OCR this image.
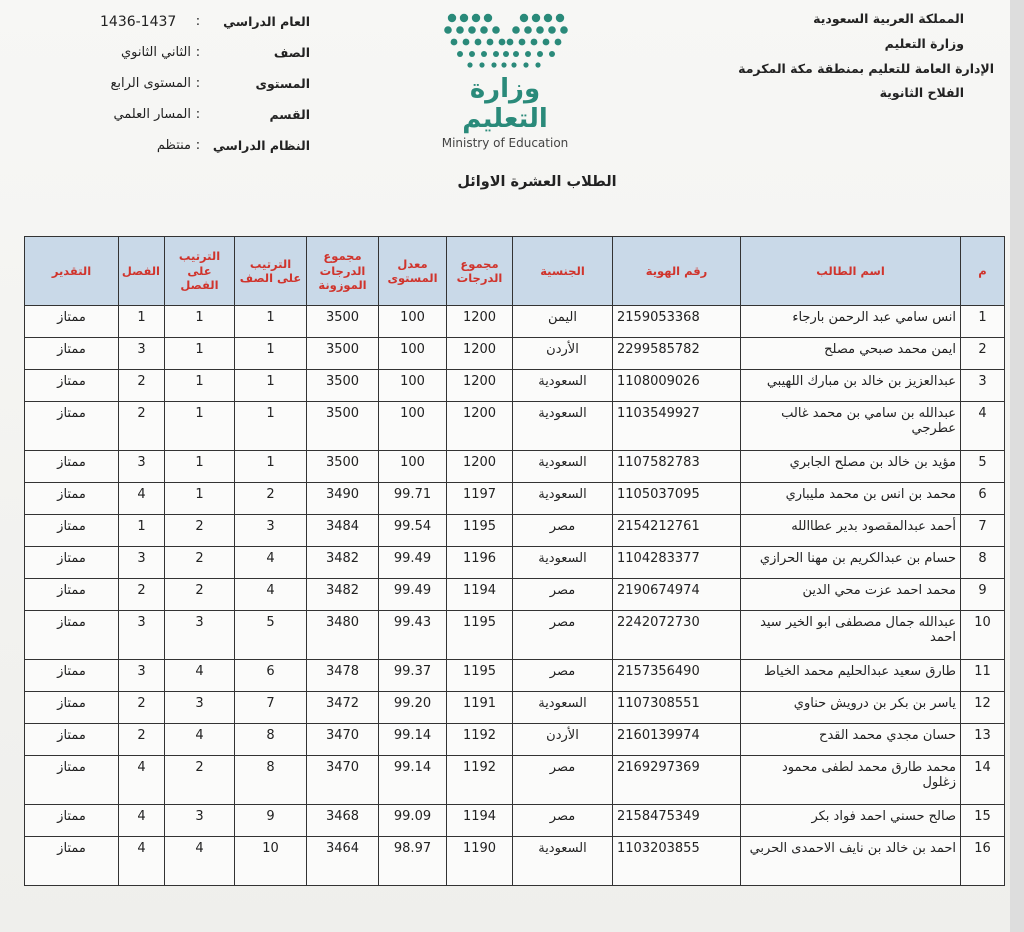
المملكة العربية السعودية
وزارة التعليم
الإدارة العامة للتعليم بمنطقة مكة المكرمة
الفلاح الثانوية
وزارة التعليم
Ministry of Education
العام الدراسي
:
1436-1437
الصف
:
الثاني الثانوي
المستوى
:
المستوى الرابع
القسم
:
المسار العلمي
النظام الدراسي
:
منتظم
الطلاب العشرة الاوائل
م	اسم الطالب	رقم الهوية	الجنسية	مجموع الدرجات	معدل المستوى	مجموع الدرجات الموزونة	الترتيب على الصف	الترتيب على الفصل	الفصل	التقدير
1	انس سامي عبد الرحمن بارجاء	2159053368	اليمن	1200	100	3500	1	1	1	ممتاز
2	ايمن محمد صبحي مصلح	2299585782	الأردن	1200	100	3500	1	1	3	ممتاز
3	عبدالعزيز بن خالد بن مبارك اللهيبي	1108009026	السعودية	1200	100	3500	1	1	2	ممتاز
4	عبدالله بن سامي بن محمد غالب عطرجي	1103549927	السعودية	1200	100	3500	1	1	2	ممتاز
5	مؤيد بن خالد بن مصلح الجابري	1107582783	السعودية	1200	100	3500	1	1	3	ممتاز
6	محمد بن انس بن محمد مليباري	1105037095	السعودية	1197	99.71	3490	2	1	4	ممتاز
7	أحمد عبدالمقصود بدير عطاالله	2154212761	مصر	1195	99.54	3484	3	2	1	ممتاز
8	حسام بن عبدالكريم بن مهنا الحرازي	1104283377	السعودية	1196	99.49	3482	4	2	3	ممتاز
9	محمد احمد عزت محي الدين	2190674974	مصر	1194	99.49	3482	4	2	2	ممتاز
10	عبدالله جمال مصطفى ابو الخير سيد احمد	2242072730	مصر	1195	99.43	3480	5	3	3	ممتاز
11	طارق سعيد عبدالحليم محمد الخياط	2157356490	مصر	1195	99.37	3478	6	4	3	ممتاز
12	ياسر بن بكر بن درويش حناوي	1107308551	السعودية	1191	99.20	3472	7	3	2	ممتاز
13	حسان مجدي محمد القدح	2160139974	الأردن	1192	99.14	3470	8	4	2	ممتاز
14	محمد طارق محمد لطفى محمود زغلول	2169297369	مصر	1192	99.14	3470	8	2	4	ممتاز
15	صالح حسني احمد فواد بكر	2158475349	مصر	1194	99.09	3468	9	3	4	ممتاز
16	احمد بن خالد بن نايف الاحمدى الحربي	1103203855	السعودية	1190	98.97	3464	10	4	4	ممتاز
